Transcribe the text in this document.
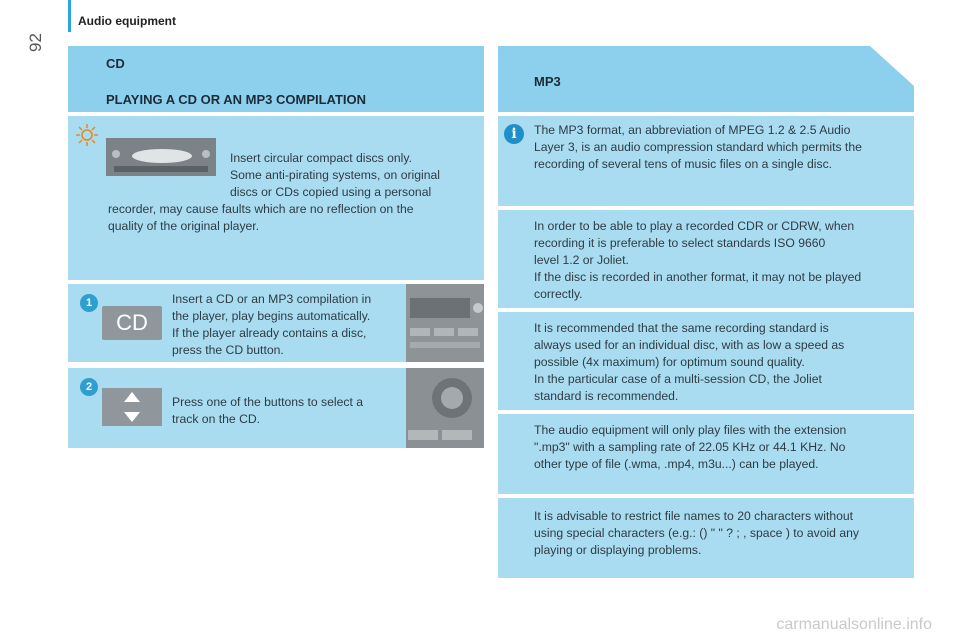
92
Audio equipment
CD
PLAYING A CD OR AN MP3 COMPILATION
Insert circular compact discs only.
Some anti-pirating systems, on original
discs or CDs copied using a personal
recorder, may cause faults which are no reflection on the
quality of the original player.
1
CD
Insert a CD or an MP3 compilation in
the player, play begins automatically.
If the player already contains a disc,
press the CD button.
2
Press one of the buttons to select a
track on the CD.
MP3
i	The MP3 format, an abbreviation of MPEG 1.2 & 2.5 Audio
Layer 3, is an audio compression standard which permits the
recording of several tens of music files on a single disc.
In order to be able to play a recorded CDR or CDRW, when
recording it is preferable to select standards ISO 9660
level 1.2 or Joliet.
If the disc is recorded in another format, it may not be played
correctly.
It is recommended that the same recording standard is
always used for an individual disc, with as low a speed as
possible (4x maximum) for optimum sound quality.
In the particular case of a multi-session CD, the Joliet
standard is recommended.
The audio equipment will only play files with the extension
".mp3" with a sampling rate of 22.05 KHz or 44.1 KHz. No
other type of file (.wma, .mp4, m3u...) can be played.
It is advisable to restrict file names to 20 characters without
using special characters (e.g.: () " " ? ; , space ) to avoid any
playing or displaying problems.
carmanualsonline.info
